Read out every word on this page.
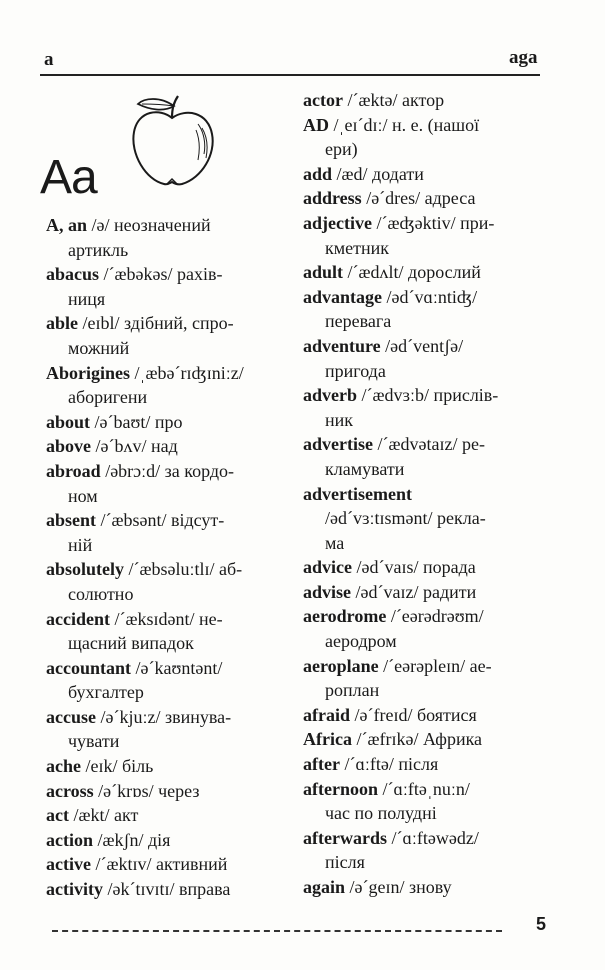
a	aga
Aa
A, an /ə/ неозначений
артикль
abacus /ˊæbəkəs/ рахів-
ниця
able /eɪbl/ здібний, спро-
можний
Aborigines /ˌæbəˊrɪʤɪniːz/
аборигени
about /əˊbaʊt/ про
above /əˊbʌv/ над
abroad /əbrɔːd/ за кордо-
ном
absent /ˊæbsənt/ відсут-
ній
absolutely /ˊæbsəluːtlɪ/ аб-
солютно
accident /ˊæksɪdənt/ не-
щасний випадок
accountant /əˊkaʊntənt/
бухгалтер
accuse /əˊkjuːz/ звинува-
чувати
ache /eɪk/ біль
across /əˊkrɒs/ через
act /ækt/ акт
action /ækʃn/ дія
active /ˊæktɪv/ активний
activity /əkˊtɪvɪtɪ/ вправа
actor /ˊæktə/ актор
AD /ˌeɪˊdɪː/ н. е. (нашої
ери)
add /æd/ додати
address /əˊdres/ адреса
adjective /ˊæʤəktiv/ при-
кметник
adult /ˊædʌlt/ дорослий
advantage /ədˊvɑːntiʤ/
перевага
adventure /ədˊventʃə/
пригода
adverb /ˊædvɜːb/ прислів-
ник
advertise /ˊædvətaɪz/ ре-
кламувати
advertisement
/ədˊvɜːtɪsmənt/ рекла-
ма
advice /ədˊvaɪs/ порада
advise /ədˊvaɪz/ радити
aerodrome /ˊeərədrəʊm/
аеродром
aeroplane /ˊeərəpleɪn/ ае-
роплан
afraid /əˊfreɪd/ боятися
Africa /ˊæfrɪkə/ Африка
after /ˊɑːftə/ після
afternoon /ˊɑːftəˌnuːn/
час по полудні
afterwards /ˊɑːftəwədz/
після
again /əˊgeɪn/ знову
5
